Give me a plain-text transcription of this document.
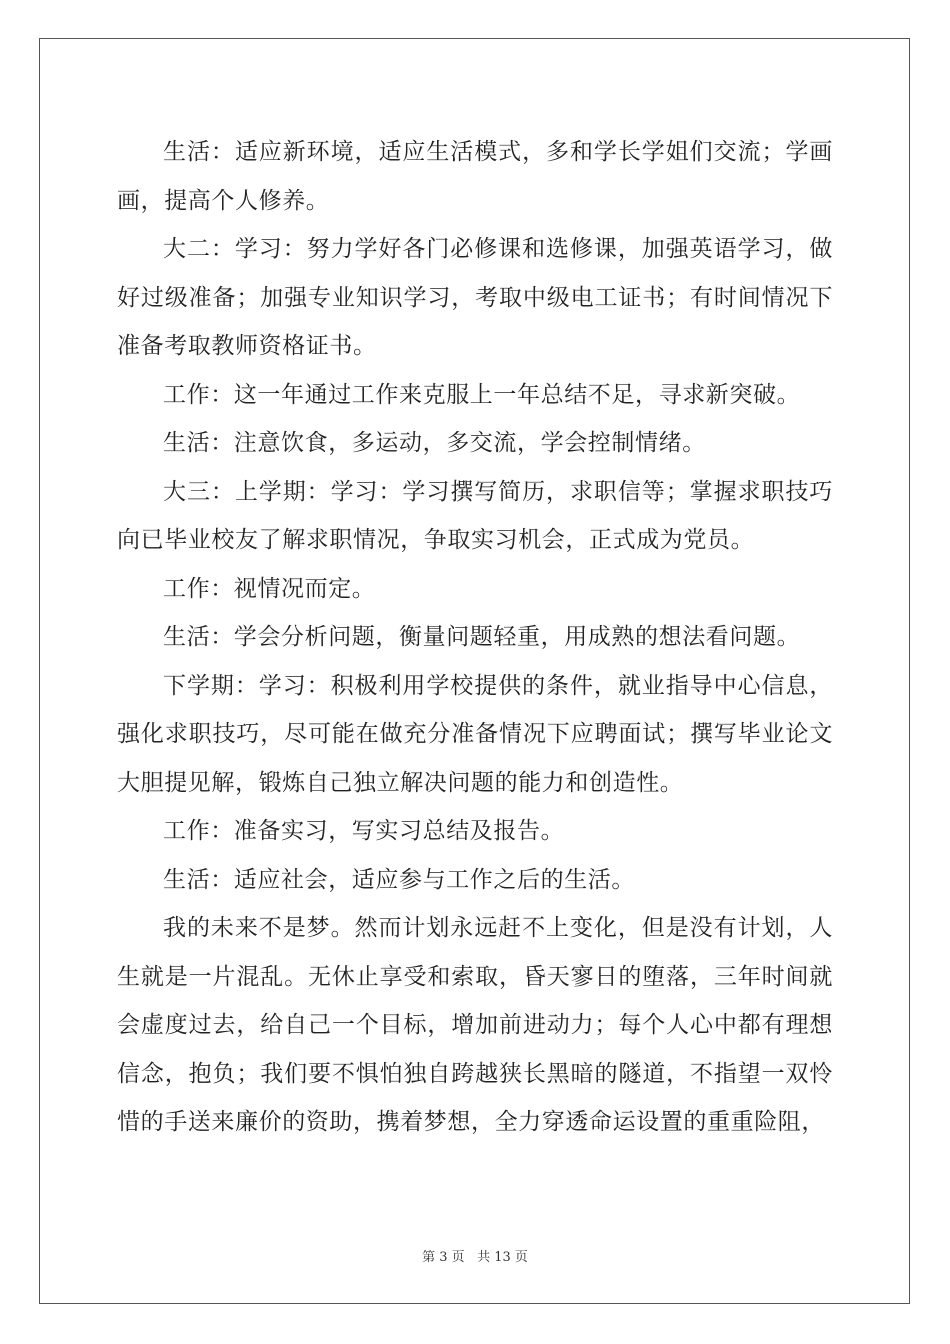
生活：适应新环境，适应生活模式，多和学长学姐们交流；学画画，提高个人修养。

大二：学习：努力学好各门必修课和选修课，加强英语学习，做好过级准备；加强专业知识学习，考取中级电工证书；有时间情况下准备考取教师资格证书。

工作：这一年通过工作来克服上一年总结不足，寻求新突破。

生活：注意饮食，多运动，多交流，学会控制情绪。

大三：上学期：学习：学习撰写简历，求职信等；掌握求职技巧向已毕业校友了解求职情况，争取实习机会，正式成为党员。

工作：视情况而定。

生活：学会分析问题，衡量问题轻重，用成熟的想法看问题。

下学期：学习：积极利用学校提供的条件，就业指导中心信息，强化求职技巧，尽可能在做充分准备情况下应聘面试；撰写毕业论文大胆提见解，锻炼自己独立解决问题的能力和创造性。

工作：准备实习，写实习总结及报告。

生活：适应社会，适应参与工作之后的生活。

我的未来不是梦。然而计划永远赶不上变化，但是没有计划，人生就是一片混乱。无休止享受和索取，昏天寥日的堕落，三年时间就会虚度过去，给自己一个目标，增加前进动力；每个人心中都有理想信念，抱负；我们要不惧怕独自跨越狭长黑暗的隧道，不指望一双怜惜的手送来廉价的资助，携着梦想，全力穿透命运设置的重重险阻，

第 3 页 共 13 页
